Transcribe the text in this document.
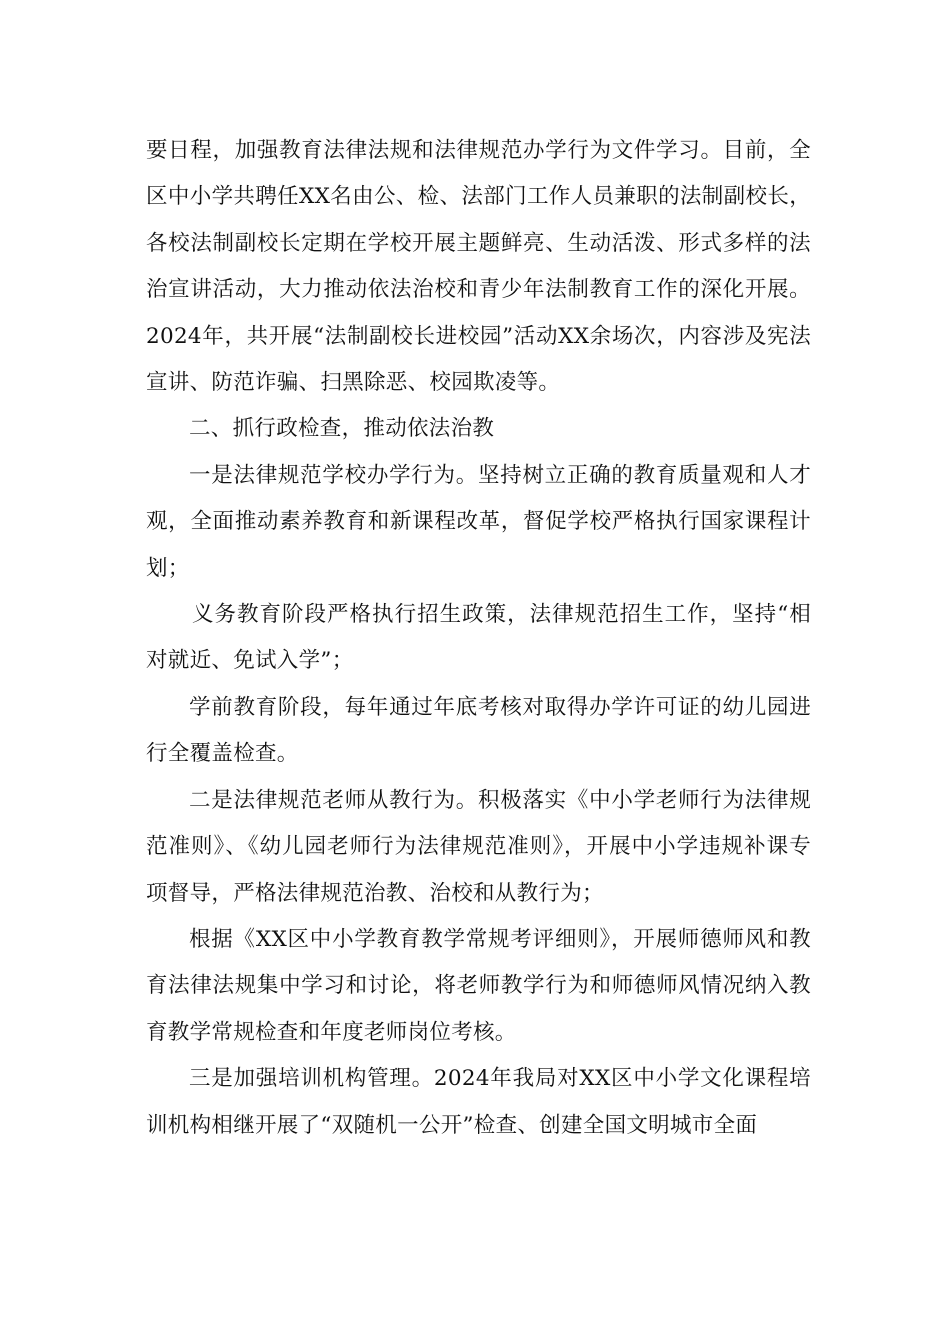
要日程，加强教育法律法规和法律规范办学行为文件学习。目前，全区中小学共聘任XX名由公、检、法部门工作人员兼职的法制副校长，各校法制副校长定期在学校开展主题鲜亮、生动活泼、形式多样的法治宣讲活动，大力推动依法治校和青少年法制教育工作的深化开展。2024年，共开展“法制副校长进校园”活动XX余场次，内容涉及宪法宣讲、防范诈骗、扫黑除恶、校园欺凌等。

二、抓行政检查，推动依法治教

一是法律规范学校办学行为。坚持树立正确的教育质量观和人才观，全面推动素养教育和新课程改革，督促学校严格执行国家课程计划；

义务教育阶段严格执行招生政策，法律规范招生工作，坚持“相对就近、免试入学”；

学前教育阶段，每年通过年底考核对取得办学许可证的幼儿园进行全覆盖检查。

二是法律规范老师从教行为。积极落实《中小学老师行为法律规范准则》、《幼儿园老师行为法律规范准则》，开展中小学违规补课专项督导，严格法律规范治教、治校和从教行为；

根据《XX区中小学教育教学常规考评细则》，开展师德师风和教育法律法规集中学习和讨论，将老师教学行为和师德师风情况纳入教育教学常规检查和年度老师岗位考核。

三是加强培训机构管理。2024年我局对XX区中小学文化课程培训机构相继开展了“双随机一公开”检查、创建全国文明城市全面
